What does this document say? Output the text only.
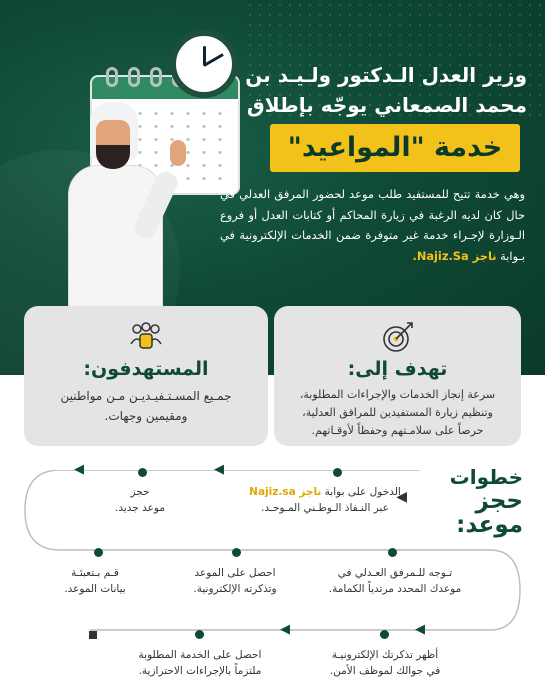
وزير العدل الـدكتور ولـيـد بن
محمد الصمعاني يوجّه بإطلاق
خدمة "المواعيد"
وهي خدمة تتيح للمستفيد طلب موعد لحضور المرفق العدلي في حال كان لديه الرغبة في زيارة المحاكم أو كتابات العدل أو فروع الـوزارة لإجـراء خدمة غير متوفرة ضمن الخدمات الإلكترونية في بـوابة ناجز Najiz.Sa.
تهدف إلى:

سرعة إنجاز الخدمات والإجراءات المطلوبة، وتنظيم زيارة المستفيدين للمرافق العدلية، حرصاً على سلامـتهم وحفظاً لأوقـاتهم.

المستهدفون:

جمـيع المسـتـفيـديـن مـن مواطنين ومقيمين وجهات.

خطوات
حجز موعد:
◀
◀
◀	◀
◀
الدخول على بوابة ناجز Najiz.sa
عبر النـفاذ الـوطـني المـوحـد.
حجز
موعد جديد.
قـم بـتعبئـة
بيانات الموعد.
احصل على الموعد
وتذكرته الإلكترونية.
تـوجه للـمرفق العـدلي في
موعدك المحدد مرتدياً الكمامة.
أظهر تذكرتك الإلكترونيـة
في جوالك لموظف الأمن.
احصل على الخدمة المطلوبة
ملتزماً بالإجراءات الاحترازية.
